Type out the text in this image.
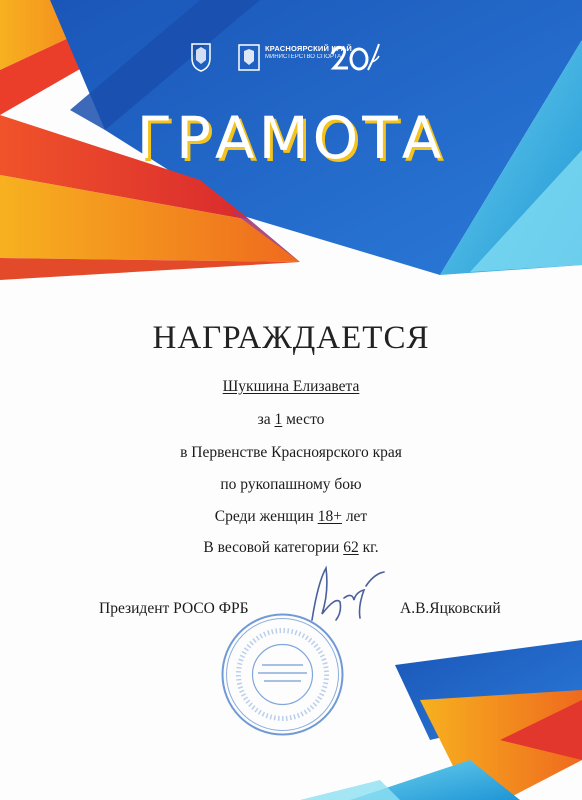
КРАСНОЯРСКИЙ КРАЙ
МИНИСТЕРСТВО СПОРТА
ГРАМОТА
НАГРАЖДАЕТСЯ
Шукшина Елизавета
за 1 место
в Первенстве Красноярского края
по рукопашному бою
Среди женщин 18+ лет
В весовой категории 62 кг.
Президент РОСО ФРБ	А.В.Яцковский
